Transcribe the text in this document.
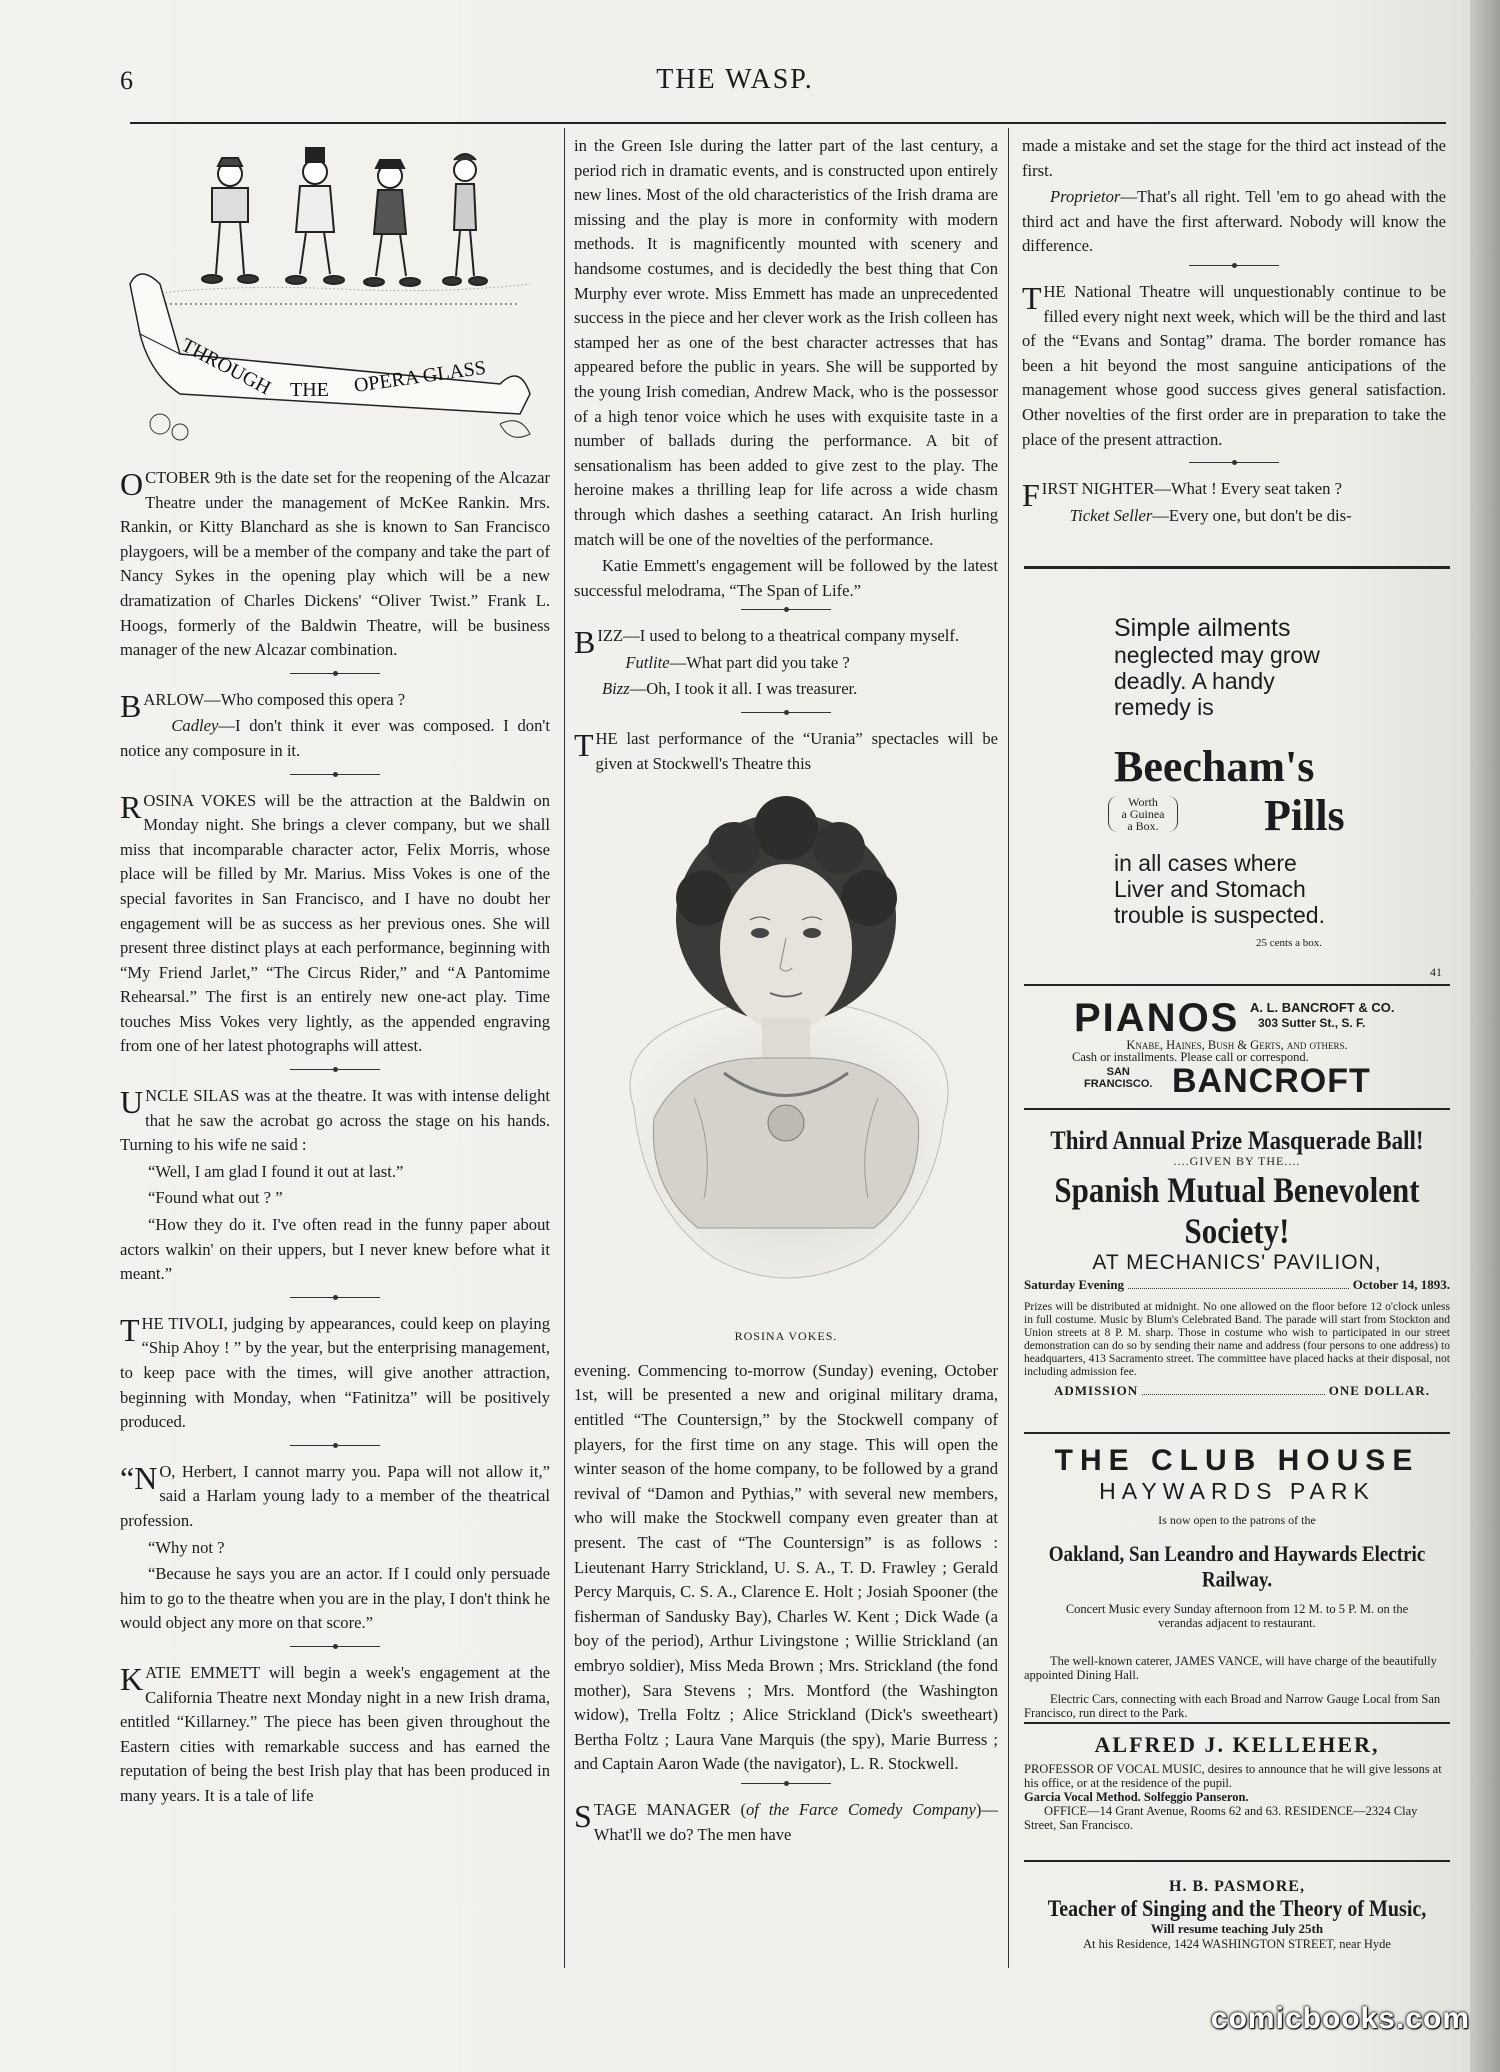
6	THE WASP.
THROUGH THE OPERA GLASS
OCTOBER 9th is the date set for the reopening of the Alcazar Theatre under the management of McKee Rankin. Mrs. Rankin, or Kitty Blanchard as she is known to San Francisco playgoers, will be a member of the company and take the part of Nancy Sykes in the opening play which will be a new dramatization of Charles Dickens' “Oliver Twist.” Frank L. Hoogs, formerly of the Baldwin Theatre, will be business manager of the new Alcazar combination.

BARLOW—Who composed this opera ?

Cadley—I don't think it ever was composed. I don't notice any composure in it.

ROSINA VOKES will be the attraction at the Baldwin on Monday night. She brings a clever company, but we shall miss that incomparable character actor, Felix Morris, whose place will be filled by Mr. Marius. Miss Vokes is one of the special favorites in San Francisco, and I have no doubt her engagement will be as success as her previous ones. She will present three distinct plays at each performance, beginning with “My Friend Jarlet,” “The Circus Rider,” and “A Pantomime Rehearsal.” The first is an entirely new one-act play. Time touches Miss Vokes very lightly, as the appended engraving from one of her latest photographs will attest.

UNCLE SILAS was at the theatre. It was with intense delight that he saw the acrobat go across the stage on his hands. Turning to his wife ne said :

“Well, I am glad I found it out at last.”

“Found what out ? ”

“How they do it. I've often read in the funny paper about actors walkin' on their uppers, but I never knew before what it meant.”

THE TIVOLI, judging by appearances, could keep on playing “Ship Ahoy ! ” by the year, but the enterprising management, to keep pace with the times, will give another attraction, beginning with Monday, when “Fatinitza” will be positively produced.

“N O, Herbert, I cannot marry you. Papa will not allow it,” said a Harlam young lady to a member of the theatrical profession.

“Why not ?

“Because he says you are an actor. If I could only persuade him to go to the theatre when you are in the play, I don't think he would object any more on that score.”

KATIE EMMETT will begin a week's engagement at the California Theatre next Monday night in a new Irish drama, entitled “Killarney.” The piece has been given throughout the Eastern cities with remarkable success and has earned the reputation of being the best Irish play that has been produced in many years. It is a tale of life

in the Green Isle during the latter part of the last century, a period rich in dramatic events, and is constructed upon entirely new lines. Most of the old characteristics of the Irish drama are missing and the play is more in conformity with modern methods. It is magnificently mounted with scenery and handsome costumes, and is decidedly the best thing that Con Murphy ever wrote. Miss Emmett has made an unprecedented success in the piece and her clever work as the Irish colleen has stamped her as one of the best character actresses that has appeared before the public in years. She will be supported by the young Irish comedian, Andrew Mack, who is the possessor of a high tenor voice which he uses with exquisite taste in a number of ballads during the performance. A bit of sensationalism has been added to give zest to the play. The heroine makes a thrilling leap for life across a wide chasm through which dashes a seething cataract. An Irish hurling match will be one of the novelties of the performance.

Katie Emmett's engagement will be followed by the latest successful melodrama, “The Span of Life.”

BIZZ—I used to belong to a theatrical company myself.

Futlite—What part did you take ?

Bizz—Oh, I took it all. I was treasurer.

THE last performance of the “Urania” spectacles will be given at Stockwell's Theatre this
ROSINA VOKES.

evening. Commencing to-morrow (Sunday) evening, October 1st, will be presented a new and original military drama, entitled “The Countersign,” by the Stockwell company of players, for the first time on any stage. This will open the winter season of the home company, to be followed by a grand revival of “Damon and Pythias,” with several new members, who will make the Stockwell company even greater than at present. The cast of “The Countersign” is as follows : Lieutenant Harry Strickland, U. S. A., T. D. Frawley ; Gerald Percy Marquis, C. S. A., Clarence E. Holt ; Josiah Spooner (the fisherman of Sandusky Bay), Charles W. Kent ; Dick Wade (a boy of the period), Arthur Livingstone ; Willie Strickland (an embryo soldier), Miss Meda Brown ; Mrs. Strickland (the fond mother), Sara Stevens ; Mrs. Montford (the Washington widow), Trella Foltz ; Alice Strickland (Dick's sweetheart) Bertha Foltz ; Laura Vane Marquis (the spy), Marie Burress ; and Captain Aaron Wade (the navigator), L. R. Stockwell.

STAGE MANAGER (of the Farce Comedy Company)—What'll we do? The men have

made a mistake and set the stage for the third act instead of the first.

Proprietor—That's all right. Tell 'em to go ahead with the third act and have the first afterward. Nobody will know the difference.

THE National Theatre will unquestionably continue to be filled every night next week, which will be the third and last of the “Evans and Sontag” drama. The border romance has been a hit beyond the most sanguine anticipations of the management whose good success gives general satisfaction. Other novelties of the first order are in preparation to take the place of the present attraction.

FIRST NIGHTER—What ! Every seat taken ?

Ticket Seller—Every one, but don't be dis-

Simple ailments
neglected may grow
deadly. A handy
remedy is
Beecham's
Worth
a Guinea
a Box.	Pills
in all cases where
Liver and Stomach
trouble is suspected.
25 cents a box.
41
PIANOS A. L. BANCROFT & CO.
303 Sutter St., S. F.
Knabe, Haines, Bush & Gerts, and others.
Cash or installments. Please call or correspond.
SAN
FRANCISCO. BANCROFT
Third Annual Prize Masquerade Ball!
....GIVEN BY THE....
Spanish Mutual Benevolent Society!
AT MECHANICS' PAVILION,
Saturday Evening	October 14, 1893.
Prizes will be distributed at midnight. No one allowed on the floor before 12 o'clock unless in full costume. Music by Blum's Celebrated Band. The parade will start from Stockton and Union streets at 8 P. M. sharp. Those in costume who wish to participated in our street demonstration can do so by sending their name and address (four persons to one address) to headquarters, 413 Sacramento street. The committee have placed hacks at their disposal, not including admission fee.
ADMISSION	ONE DOLLAR.
THE CLUB HOUSE
HAYWARDS PARK
Is now open to the patrons of the
Oakland, San Leandro and Haywards Electric Railway.
Concert Music every Sunday afternoon from 12 M. to 5 P. M. on the verandas adjacent to restaurant.
The well-known caterer, JAMES VANCE, will have charge of the beautifully appointed Dining Hall.
Electric Cars, connecting with each Broad and Narrow Gauge Local from San Francisco, run direct to the Park.
ALFRED J. KELLEHER,
PROFESSOR OF VOCAL MUSIC, desires to announce that he will give lessons at his office, or at the residence of the pupil.
Garcia Vocal Method. Solfeggio Panseron.
OFFICE—14 Grant Avenue, Rooms 62 and 63. RESIDENCE—2324 Clay Street, San Francisco.
H. B. PASMORE,
Teacher of Singing and the Theory of Music,
Will resume teaching July 25th
At his Residence, 1424 WASHINGTON STREET, near Hyde
comicbooks.com
